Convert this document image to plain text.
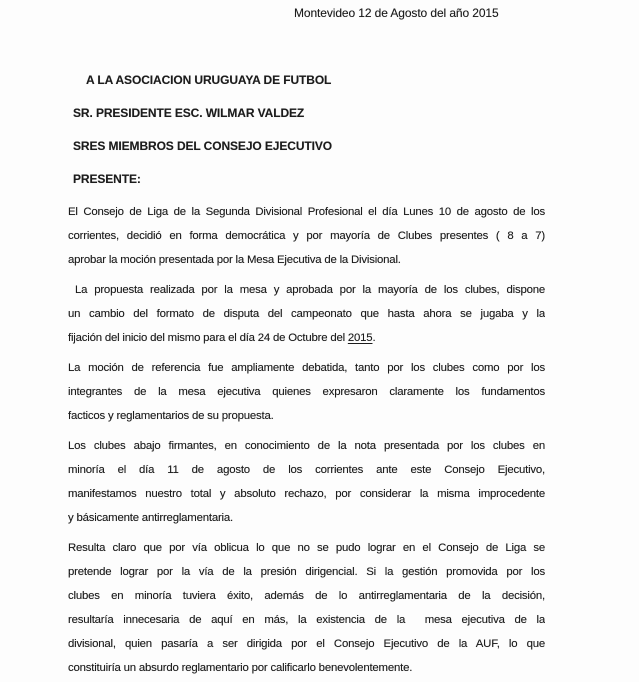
Montevideo 12 de Agosto del año 2015
A LA ASOCIACION URUGUAYA DE FUTBOL
SR. PRESIDENTE ESC. WILMAR VALDEZ
SRES MIEMBROS DEL CONSEJO EJECUTIVO
PRESENTE:
El Consejo de Liga de la Segunda Divisional Profesional el día Lunes 10 de agosto de los
corrientes, decidió en forma democrática y por mayoría de Clubes presentes ( 8 a 7)
aprobar la moción presentada por la Mesa Ejecutiva de la Divisional.
La propuesta realizada por la mesa y aprobada por la mayoría de los clubes, dispone
un cambio del formato de disputa del campeonato que hasta ahora se jugaba y la
fijación del inicio del mismo para el día 24 de Octubre del 2015.
La moción de referencia fue ampliamente debatida, tanto por los clubes como por los
integrantes de la mesa ejecutiva quienes expresaron claramente los fundamentos
facticos y reglamentarios de su propuesta.
Los clubes abajo firmantes, en conocimiento de la nota presentada por los clubes en
minoría el día 11 de agosto de los corrientes ante este Consejo Ejecutivo,
manifestamos nuestro total y absoluto rechazo, por considerar la misma improcedente
y básicamente antirreglamentaria.
Resulta claro que por vía oblicua lo que no se pudo lograr en el Consejo de Liga se
pretende lograr por la vía de la presión dirigencial. Si la gestión promovida por los
clubes en minoría tuviera éxito, además de lo antirreglamentaria de la decisión,
resultaría innecesaria de aquí en más, la existencia de la  mesa ejecutiva de la
divisional, quien pasaría a ser dirigida por el Consejo Ejecutivo de la AUF, lo que
constituiría un absurdo reglamentario por calificarlo benevolentemente.
